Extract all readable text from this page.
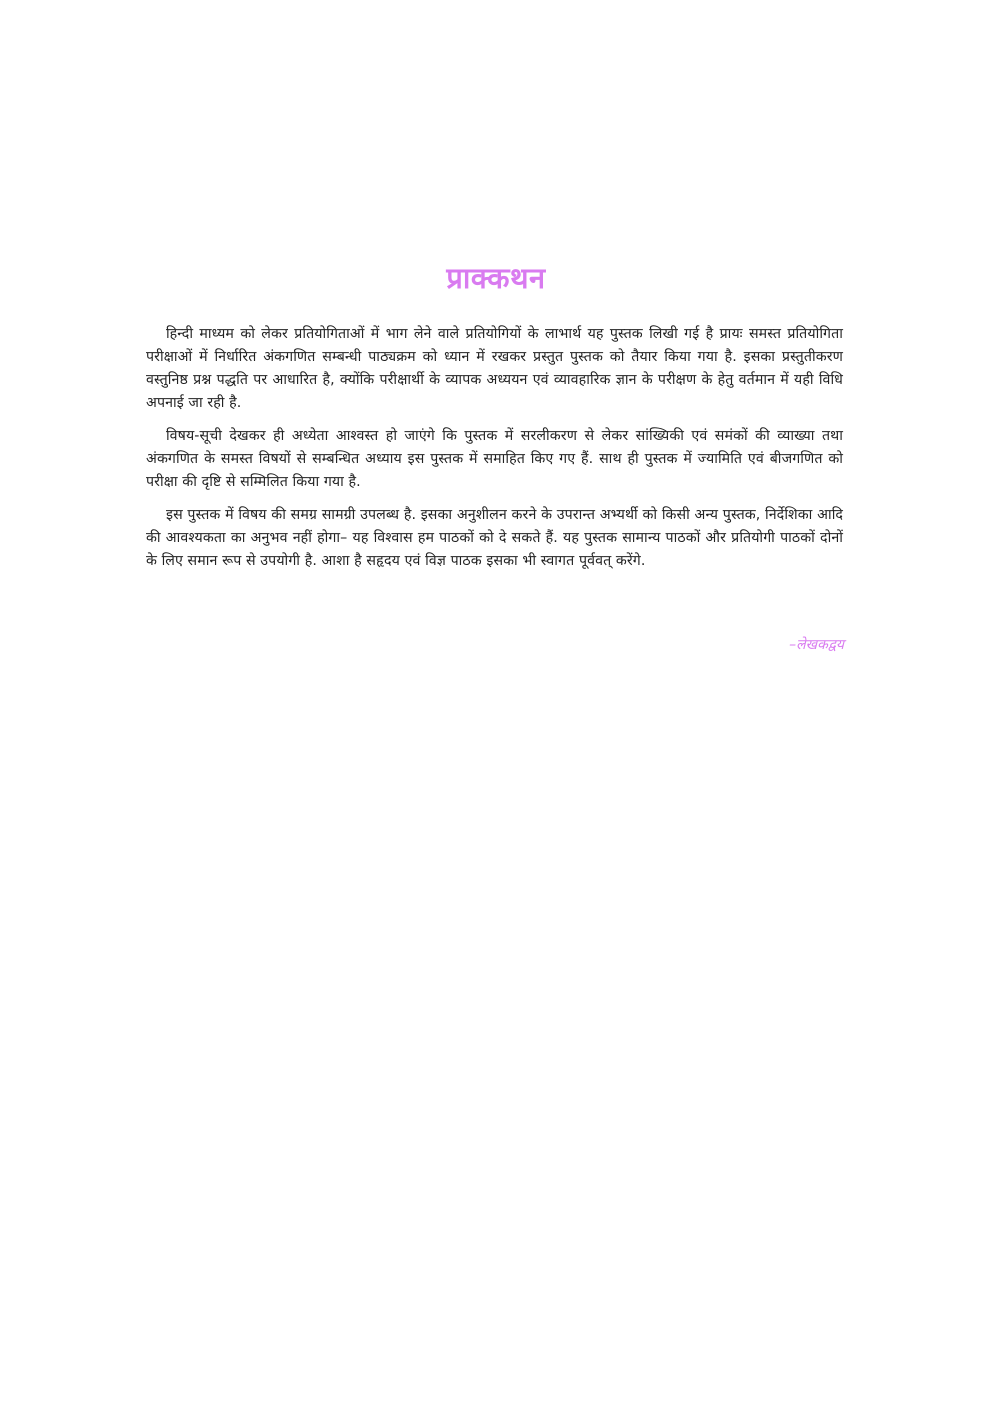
प्राक्कथन

हिन्दी माध्यम को लेकर प्रतियोगिताओं में भाग लेने वाले प्रतियोगियों के लाभार्थ यह पुस्तक लिखी गई है प्रायः समस्त प्रतियोगिता परीक्षाओं में निर्धारित अंकगणित सम्बन्धी पाठ्यक्रम को ध्यान में रखकर प्रस्तुत पुस्तक को तैयार किया गया है. इसका प्रस्तुतीकरण वस्तुनिष्ठ प्रश्न पद्धति पर आधारित है, क्योंकि परीक्षार्थी के व्यापक अध्ययन एवं व्यावहारिक ज्ञान के परीक्षण के हेतु वर्तमान में यही विधि अपनाई जा रही है.

विषय-सूची देखकर ही अध्येता आश्वस्त हो जाएंगे कि पुस्तक में सरलीकरण से लेकर सांख्यिकी एवं समंकों की व्याख्या तथा अंकगणित के समस्त विषयों से सम्बन्धित अध्याय इस पुस्तक में समाहित किए गए हैं. साथ ही पुस्तक में ज्यामिति एवं बीजगणित को परीक्षा की दृष्टि से सम्मिलित किया गया है.

इस पुस्तक में विषय की समग्र सामग्री उपलब्ध है. इसका अनुशीलन करने के उपरान्त अभ्यर्थी को किसी अन्य पुस्तक, निर्देशिका आदि की आवश्यकता का अनुभव नहीं होगा– यह विश्वास हम पाठकों को दे सकते हैं. यह पुस्तक सामान्य पाठकों और प्रतियोगी पाठकों दोनों के लिए समान रूप से उपयोगी है. आशा है सहृदय एवं विज्ञ पाठक इसका भी स्वागत पूर्ववत् करेंगे.

–लेखकद्वय
